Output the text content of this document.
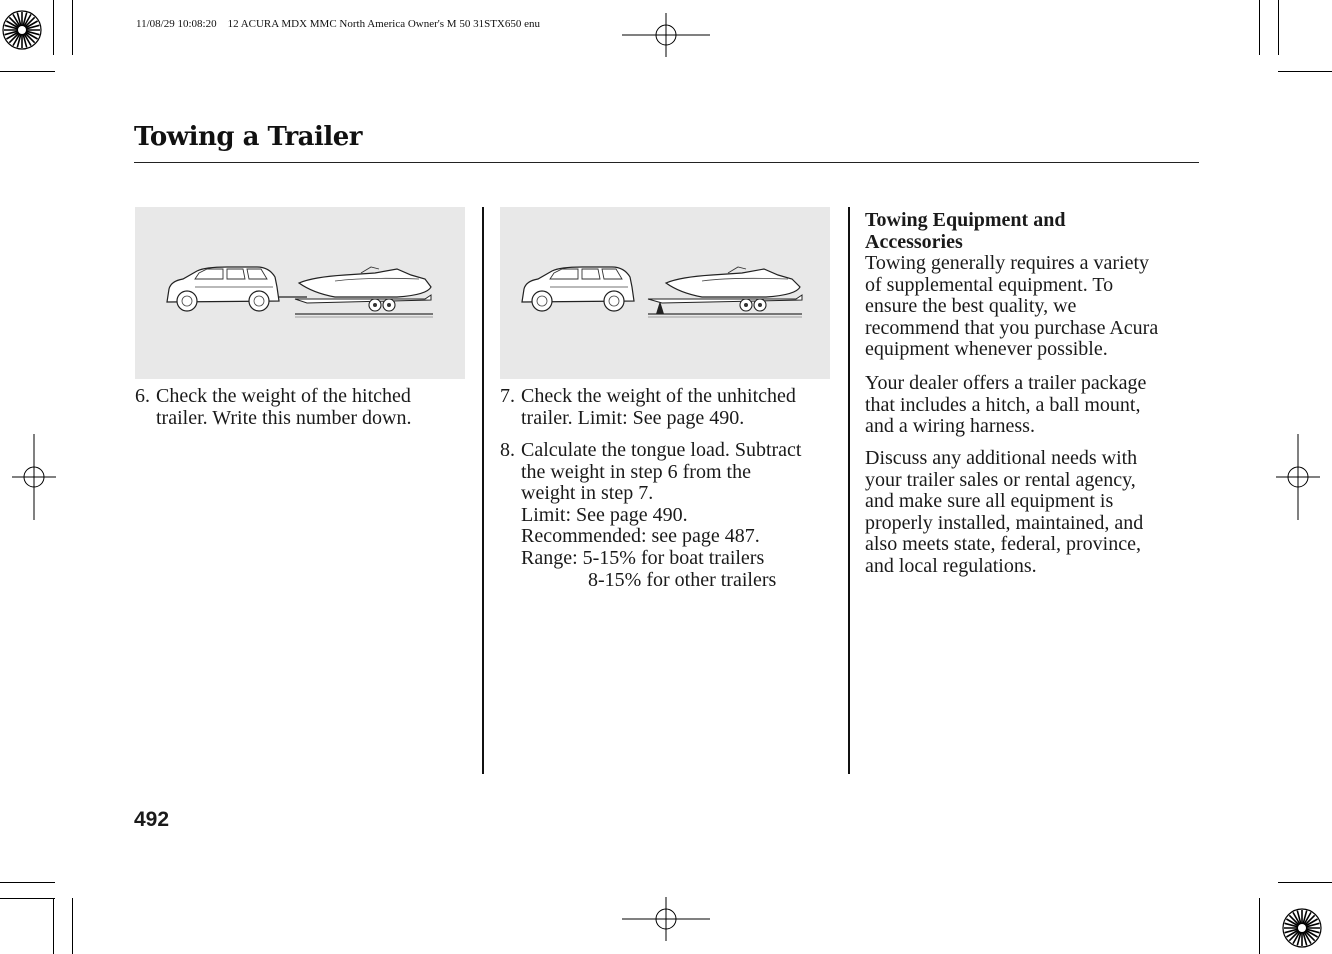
11/08/29 10:08:20    12 ACURA MDX MMC North America Owner's M 50 31STX650 enu
Towing a Trailer
6. Check the weight of the hitched
trailer. Write this number down.
7. Check the weight of the unhitched
trailer. Limit: See page 490.
8. Calculate the tongue load. Subtract
the weight in step 6 from the
weight in step 7.
Limit: See page 490.
Recommended: see page 487.
Range: 5-15% for boat trailers
8-15% for other trailers
Towing Equipment and
Accessories

Towing generally requires a variety
of supplemental equipment. To
ensure the best quality, we
recommend that you purchase Acura
equipment whenever possible.

Your dealer offers a trailer package
that includes a hitch, a ball mount,
and a wiring harness.

Discuss any additional needs with
your trailer sales or rental agency,
and make sure all equipment is
properly installed, maintained, and
also meets state, federal, province,
and local regulations.

492
